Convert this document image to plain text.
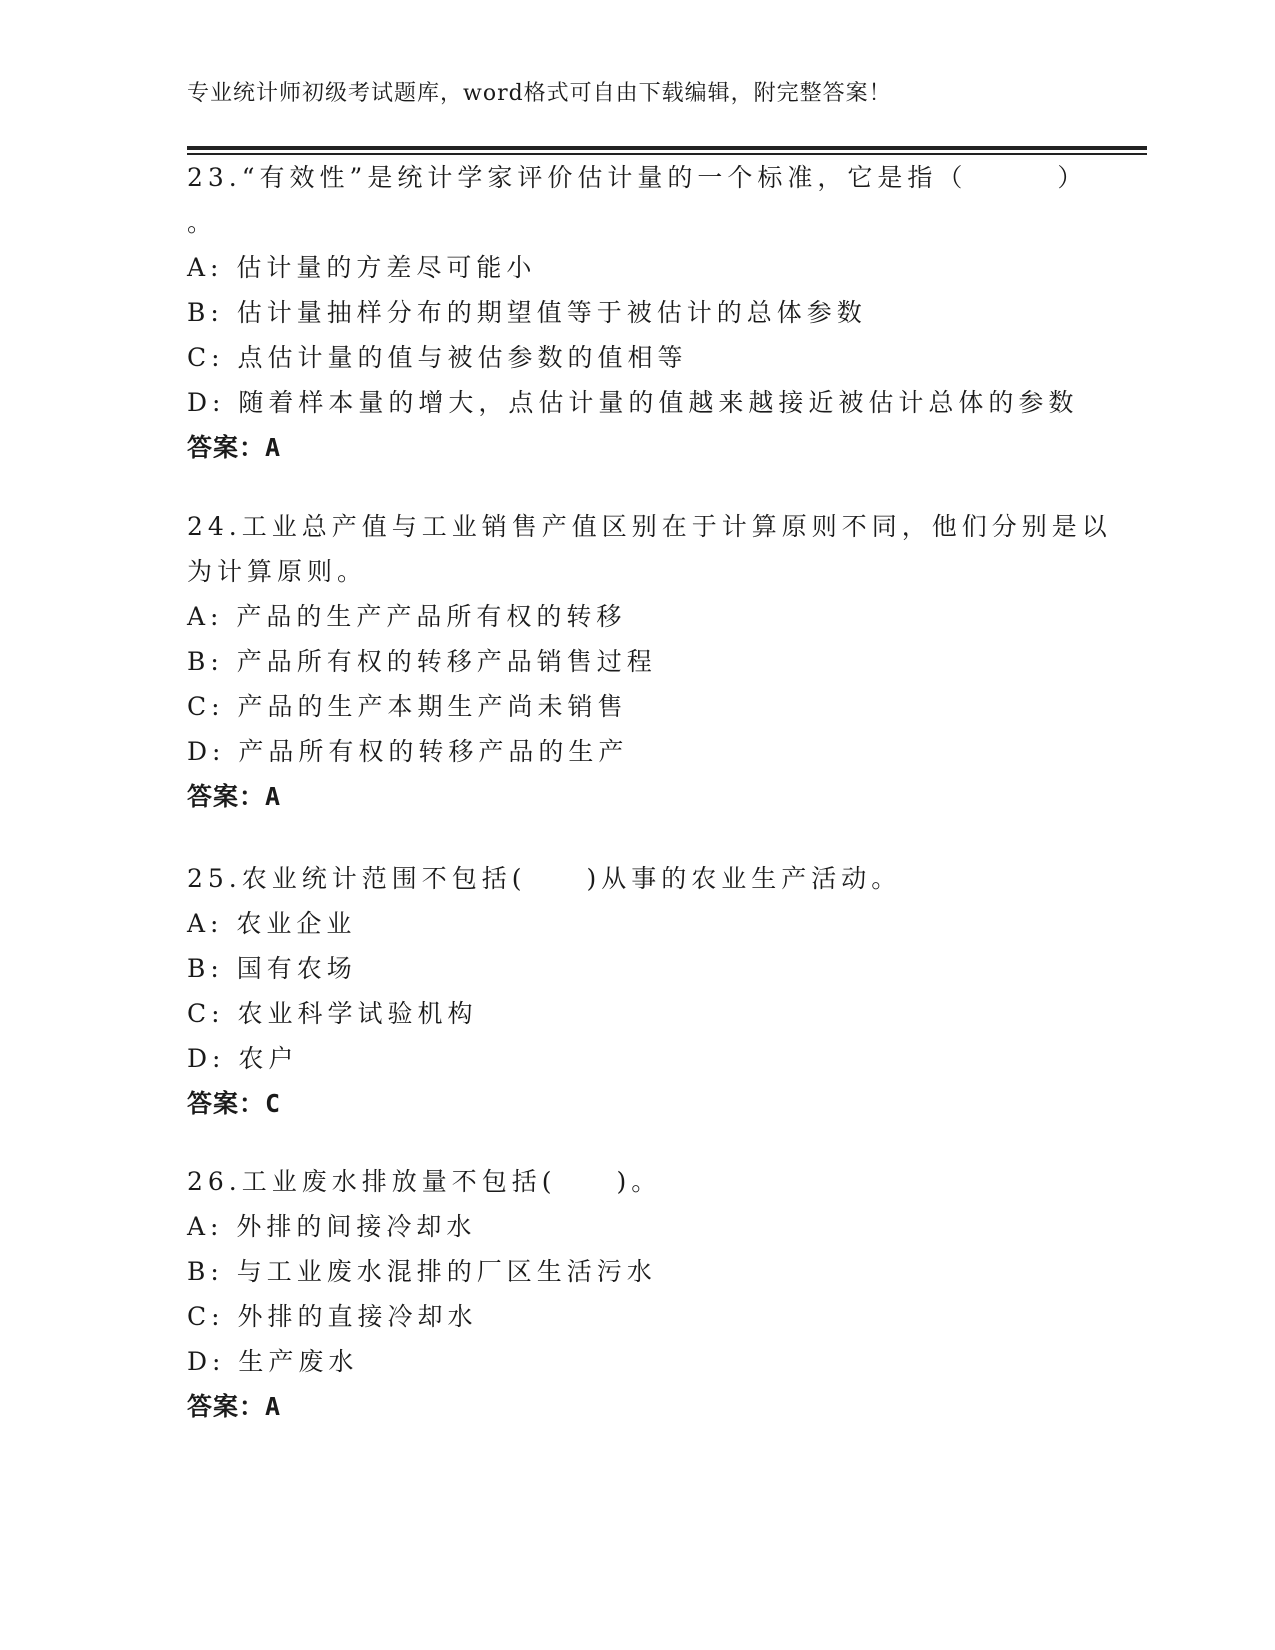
专业统计师初级考试题库，word格式可自由下载编辑，附完整答案！
23.“有效性”是统计学家评价估计量的一个标准，它是指（　　　）
。
A: 估计量的方差尽可能小
B: 估计量抽样分布的期望值等于被估计的总体参数
C: 点估计量的值与被估参数的值相等
D: 随着样本量的增大，点估计量的值越来越接近被估计总体的参数
答案：A
24.工业总产值与工业销售产值区别在于计算原则不同，他们分别是以
为计算原则。
A: 产品的生产产品所有权的转移
B: 产品所有权的转移产品销售过程
C: 产品的生产本期生产尚未销售
D: 产品所有权的转移产品的生产
答案：A
25.农业统计范围不包括(　　)从事的农业生产活动。
A: 农业企业
B: 国有农场
C: 农业科学试验机构
D: 农户
答案：C
26.工业废水排放量不包括(　　)。
A: 外排的间接冷却水
B: 与工业废水混排的厂区生活污水
C: 外排的直接冷却水
D: 生产废水
答案：A
